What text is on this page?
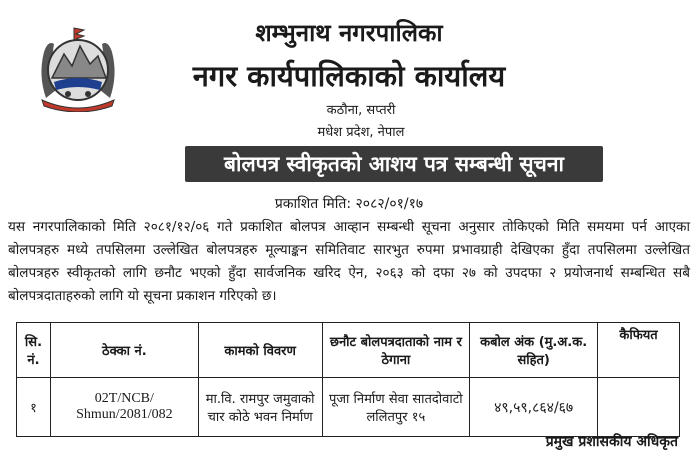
शम्भुनाथ नगरपालिका
नगर कार्यपालिकाको कार्यालय
कठौना, सप्तरी
मधेश प्रदेश, नेपाल
बोलपत्र स्वीकृतको आशय पत्र सम्बन्धी सूचना
प्रकाशित मिति: २०८२/०१/१७
यस नगरपालिकाको मिति २०८१/१२/०६ गते प्रकाशित बोलपत्र आव्हान सम्बन्धी सूचना अनुसार तोकिएको मिति समयमा पर्न आएका बोलपत्रहरु मध्ये तपसिलमा उल्लेखित बोलपत्रहरु मूल्याङ्कन समितिवाट सारभुत रुपमा प्रभावग्राही देखिएका हुँदा तपसिलमा उल्लेखित बोलपत्रहरु स्वीकृतको लागि छनौट भएको हुँदा सार्वजनिक खरिद ऐन, २०६३ को दफा २७ को उपदफा २ प्रयोजनार्थ सम्बन्धित सबै बोलपत्रदाताहरुको लागि यो सूचना प्रकाशन गरिएको छ।
सि. नं.	ठेक्का नं.	कामको विवरण	छनौट बोलपत्रदाताको नाम र ठेगाना	कबोल अंक (मु.अ.क. सहित)	कैफियत
१	02T/NCB/ Shmun/2081/082	मा.वि. रामपुर जमुवाको चार कोठे भवन निर्माण	पूजा निर्माण सेवा सातदोवाटो ललितपुर १५	४९,५९,८६४/६७	
प्रमुख प्रशासकीय अधिकृत
